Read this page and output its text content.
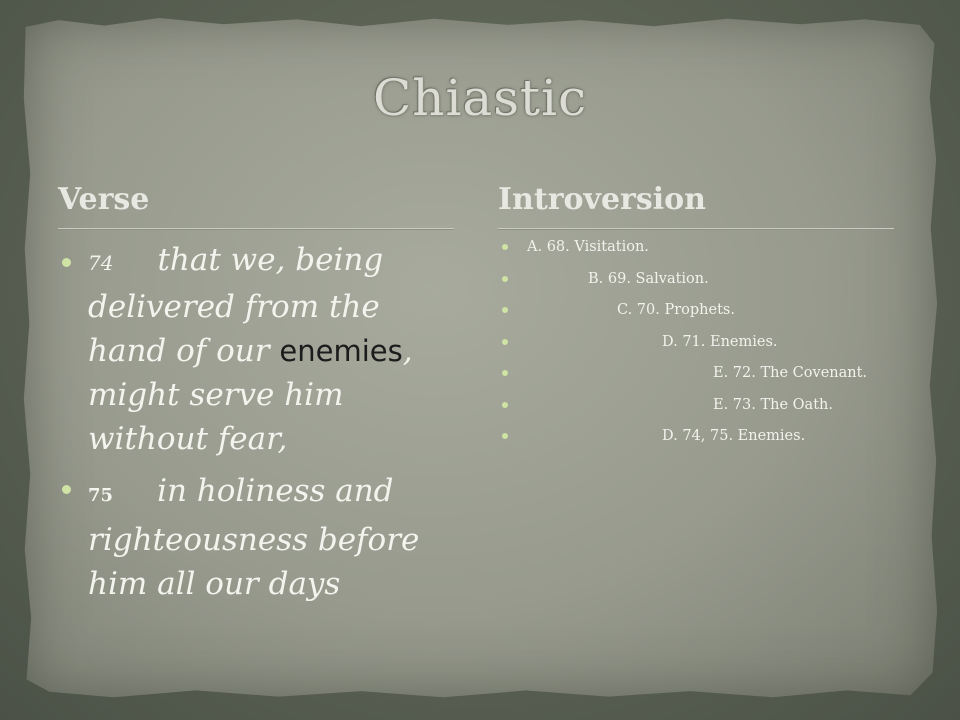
Chiastic
Verse	Introversion
74 that we, being delivered from the hand of our enemies, might serve him without fear,
75 in holiness and righteousness before him all our days
A. 68. Visitation.
B. 69. Salvation.
C. 70. Prophets.
D. 71. Enemies.
E. 72. The Covenant.
E. 73. The Oath.
D. 74, 75. Enemies.
